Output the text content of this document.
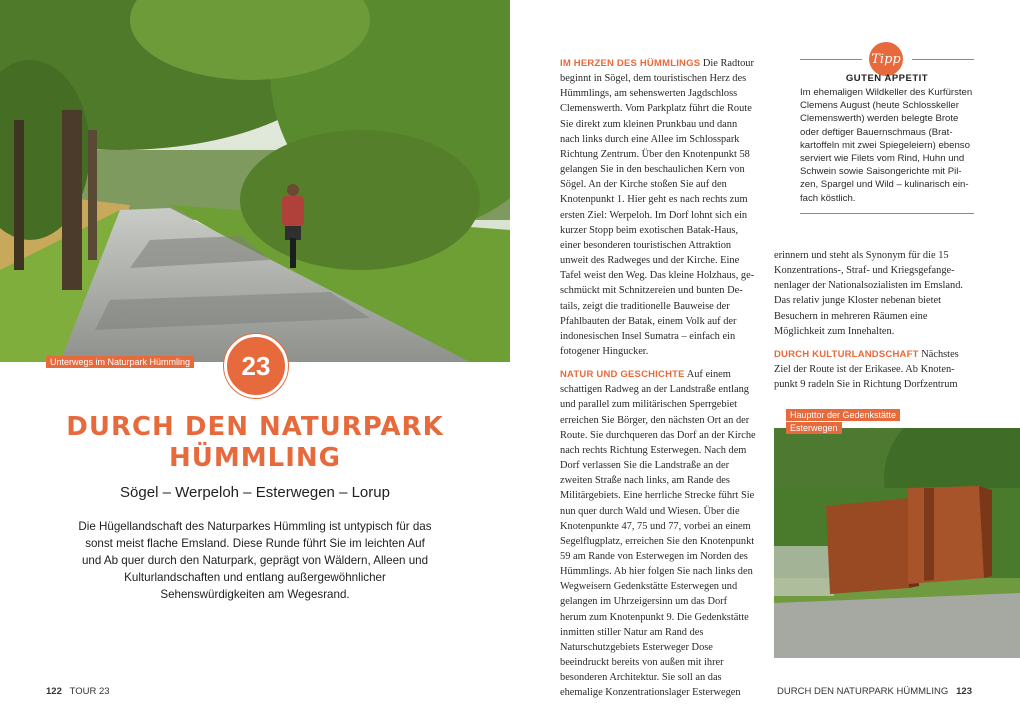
Unterwegs im Naturpark Hümmling	23
DURCH DEN NATURPARK
HÜMMLING
Sögel – Werpeloh – Esterwegen – Lorup

Die Hügellandschaft des Naturparkes Hümmling ist untypisch für das sonst meist flache Emsland. Diese Runde führt Sie im leichten Auf und Ab quer durch den Naturpark, geprägt von Wäldern, Alleen und Kulturlandschaften und entlang außergewöhnlicher Sehenswürdigkeiten am Wegesrand.

122 TOUR 23

IM HERZEN DES HÜMMLINGS Die Radtour beginnt in Sögel, dem touristischen Herz des Hümmlings, am sehenswerten Jagdschloss Clemenswerth. Vom Parkplatz führt die Route Sie direkt zum kleinen Prunkbau und dann nach links durch eine Allee im Schlosspark Richtung Zentrum. Über den Knotenpunkt 58 gelangen Sie in den beschaulichen Kern von Sögel. An der Kirche stoßen Sie auf den Knotenpunkt 1. Hier geht es nach rechts zum ersten Ziel: Werpeloh. Im Dorf lohnt sich ein kurzer Stopp beim exotischen Batak-Haus, einer besonderen touristischen Attraktion unweit des Radweges und der Kirche. Eine Tafel weist den Weg. Das kleine Holzhaus, geschmückt mit Schnitzereien und bunten Details, zeigt die traditionelle Bauweise der Pfahlbauten der Batak, einem Volk auf der indonesischen Insel Sumatra – einfach ein fotogener Hingucker.

NATUR UND GESCHICHTE Auf einem schattigen Radweg an der Landstraße entlang und parallel zum militärischen Sperrgebiet erreichen Sie Börger, den nächsten Ort an der Route. Sie durchqueren das Dorf an der Kirche nach rechts Richtung Esterwegen. Nach dem Dorf verlassen Sie die Landstraße an der zweiten Straße nach links, am Rande des Militärgebiets. Eine herrliche Strecke führt Sie nun quer durch Wald und Wiesen. Über die Knotenpunkte 47, 75 und 77, vorbei an einem Segelflugplatz, erreichen Sie den Knotenpunkt 59 am Rande von Esterwegen im Norden des Hümmlings. Ab hier folgen Sie nach links den Wegweisern Gedenkstätte Esterwegen und gelangen im Uhrzeigersinn um das Dorf herum zum Knotenpunkt 9. Die Gedenkstätte inmitten stiller Natur am Rand des Naturschutzgebiets Esterweger Dose beeindruckt bereits von außen mit ihrer besonderen Architektur. Sie soll an das ehemalige Konzentrationslager Esterwegen

Tipp
GUTEN APPETIT

Im ehemaligen Wildkeller des Kurfürsten Clemens August (heute Schlosskeller Clemenswerth) werden belegte Brote oder deftiger Bauernschmaus (Bratkartoffeln mit zwei Spiegeleiern) ebenso serviert wie Filets vom Rind, Huhn und Schwein sowie Saisongerichte mit Pilzen, Spargel und Wild – kulinarisch einfach köstlich.

erinnern und steht als Synonym für die 15 Konzentrations-, Straf- und Kriegsgefangenenlager der Nationalsozialisten im Emsland. Das relativ junge Kloster nebenan bietet Besuchern in mehreren Räumen eine Möglichkeit zum Innehalten.

DURCH KULTURLANDSCHAFT Nächstes Ziel der Route ist der Erikasee. Ab Knotenpunkt 9 radeln Sie in Richtung Dorfzentrum

Haupttor der Gedenkstätte
Esterwegen
DURCH DEN NATURPARK HÜMMLING 123
